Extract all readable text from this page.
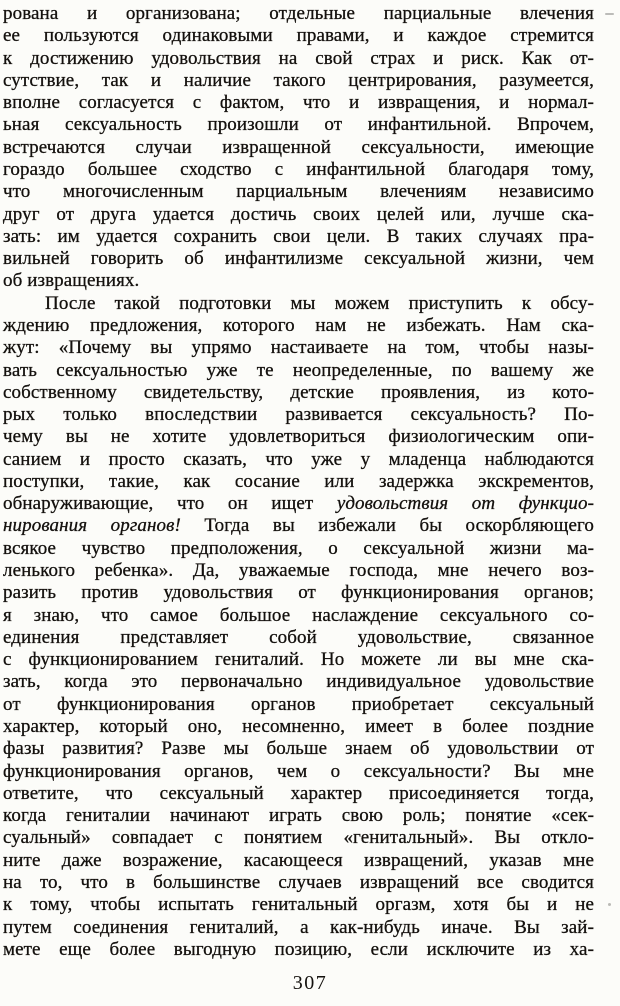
рована и организована; отдельные парциальные влечения
ее пользуются одинаковыми правами, и каждое стремится
к достижению удовольствия на свой страх и риск. Как от-
сутствие, так и наличие такого центрирования, разумеется,
вполне согласуется с фактом, что и извращения, и нормал-
ьная сексуальность произошли от инфантильной. Впрочем,
встречаются случаи извращенной сексуальности, имеющие
гораздо большее сходство с инфантильной благодаря тому,
что многочисленным парциальным влечениям независимо
друг от друга удается достичь своих целей или, лучше ска-
зать: им удается сохранить свои цели. В таких случаях пра-
вильней говорить об инфантилизме сексуальной жизни, чем
об извращениях.
После такой подготовки мы можем приступить к обсу-
ждению предложения, которого нам не избежать. Нам ска-
жут: «Почему вы упрямо настаиваете на том, чтобы назы-
вать сексуальностью уже те неопределенные, по вашему же
собственному свидетельству, детские проявления, из кото-
рых только впоследствии развивается сексуальность? По-
чему вы не хотите удовлетвориться физиологическим опи-
санием и просто сказать, что уже у младенца наблюдаются
поступки, такие, как сосание или задержка экскрементов,
обнаруживающие, что он ищет удовольствия от функцио-
нирования органов! Тогда вы избежали бы оскорбляющего
всякое чувство предположения, о сексуальной жизни ма-
ленького ребенка». Да, уважаемые господа, мне нечего воз-
разить против удовольствия от функционирования органов;
я знаю, что самое большое наслаждение сексуального со-
единения представляет собой удовольствие, связанное
с функционированием гениталий. Но можете ли вы мне ска-
зать, когда это первоначально индивидуальное удовольствие
от функционирования органов приобретает сексуальный
характер, который оно, несомненно, имеет в более поздние
фазы развития? Разве мы больше знаем об удовольствии от
функционирования органов, чем о сексуальности? Вы мне
ответите, что сексуальный характер присоединяется тогда,
когда гениталии начинают играть свою роль; понятие «сек-
суальный» совпадает с понятием «генитальный». Вы откло-
ните даже возражение, касающееся извращений, указав мне
на то, что в большинстве случаев извращений все сводится
к тому, чтобы испытать генитальный оргазм, хотя бы и не
путем соединения гениталий, а как-нибудь иначе. Вы зай-
мете еще более выгодную позицию, если исключите из ха-
307
